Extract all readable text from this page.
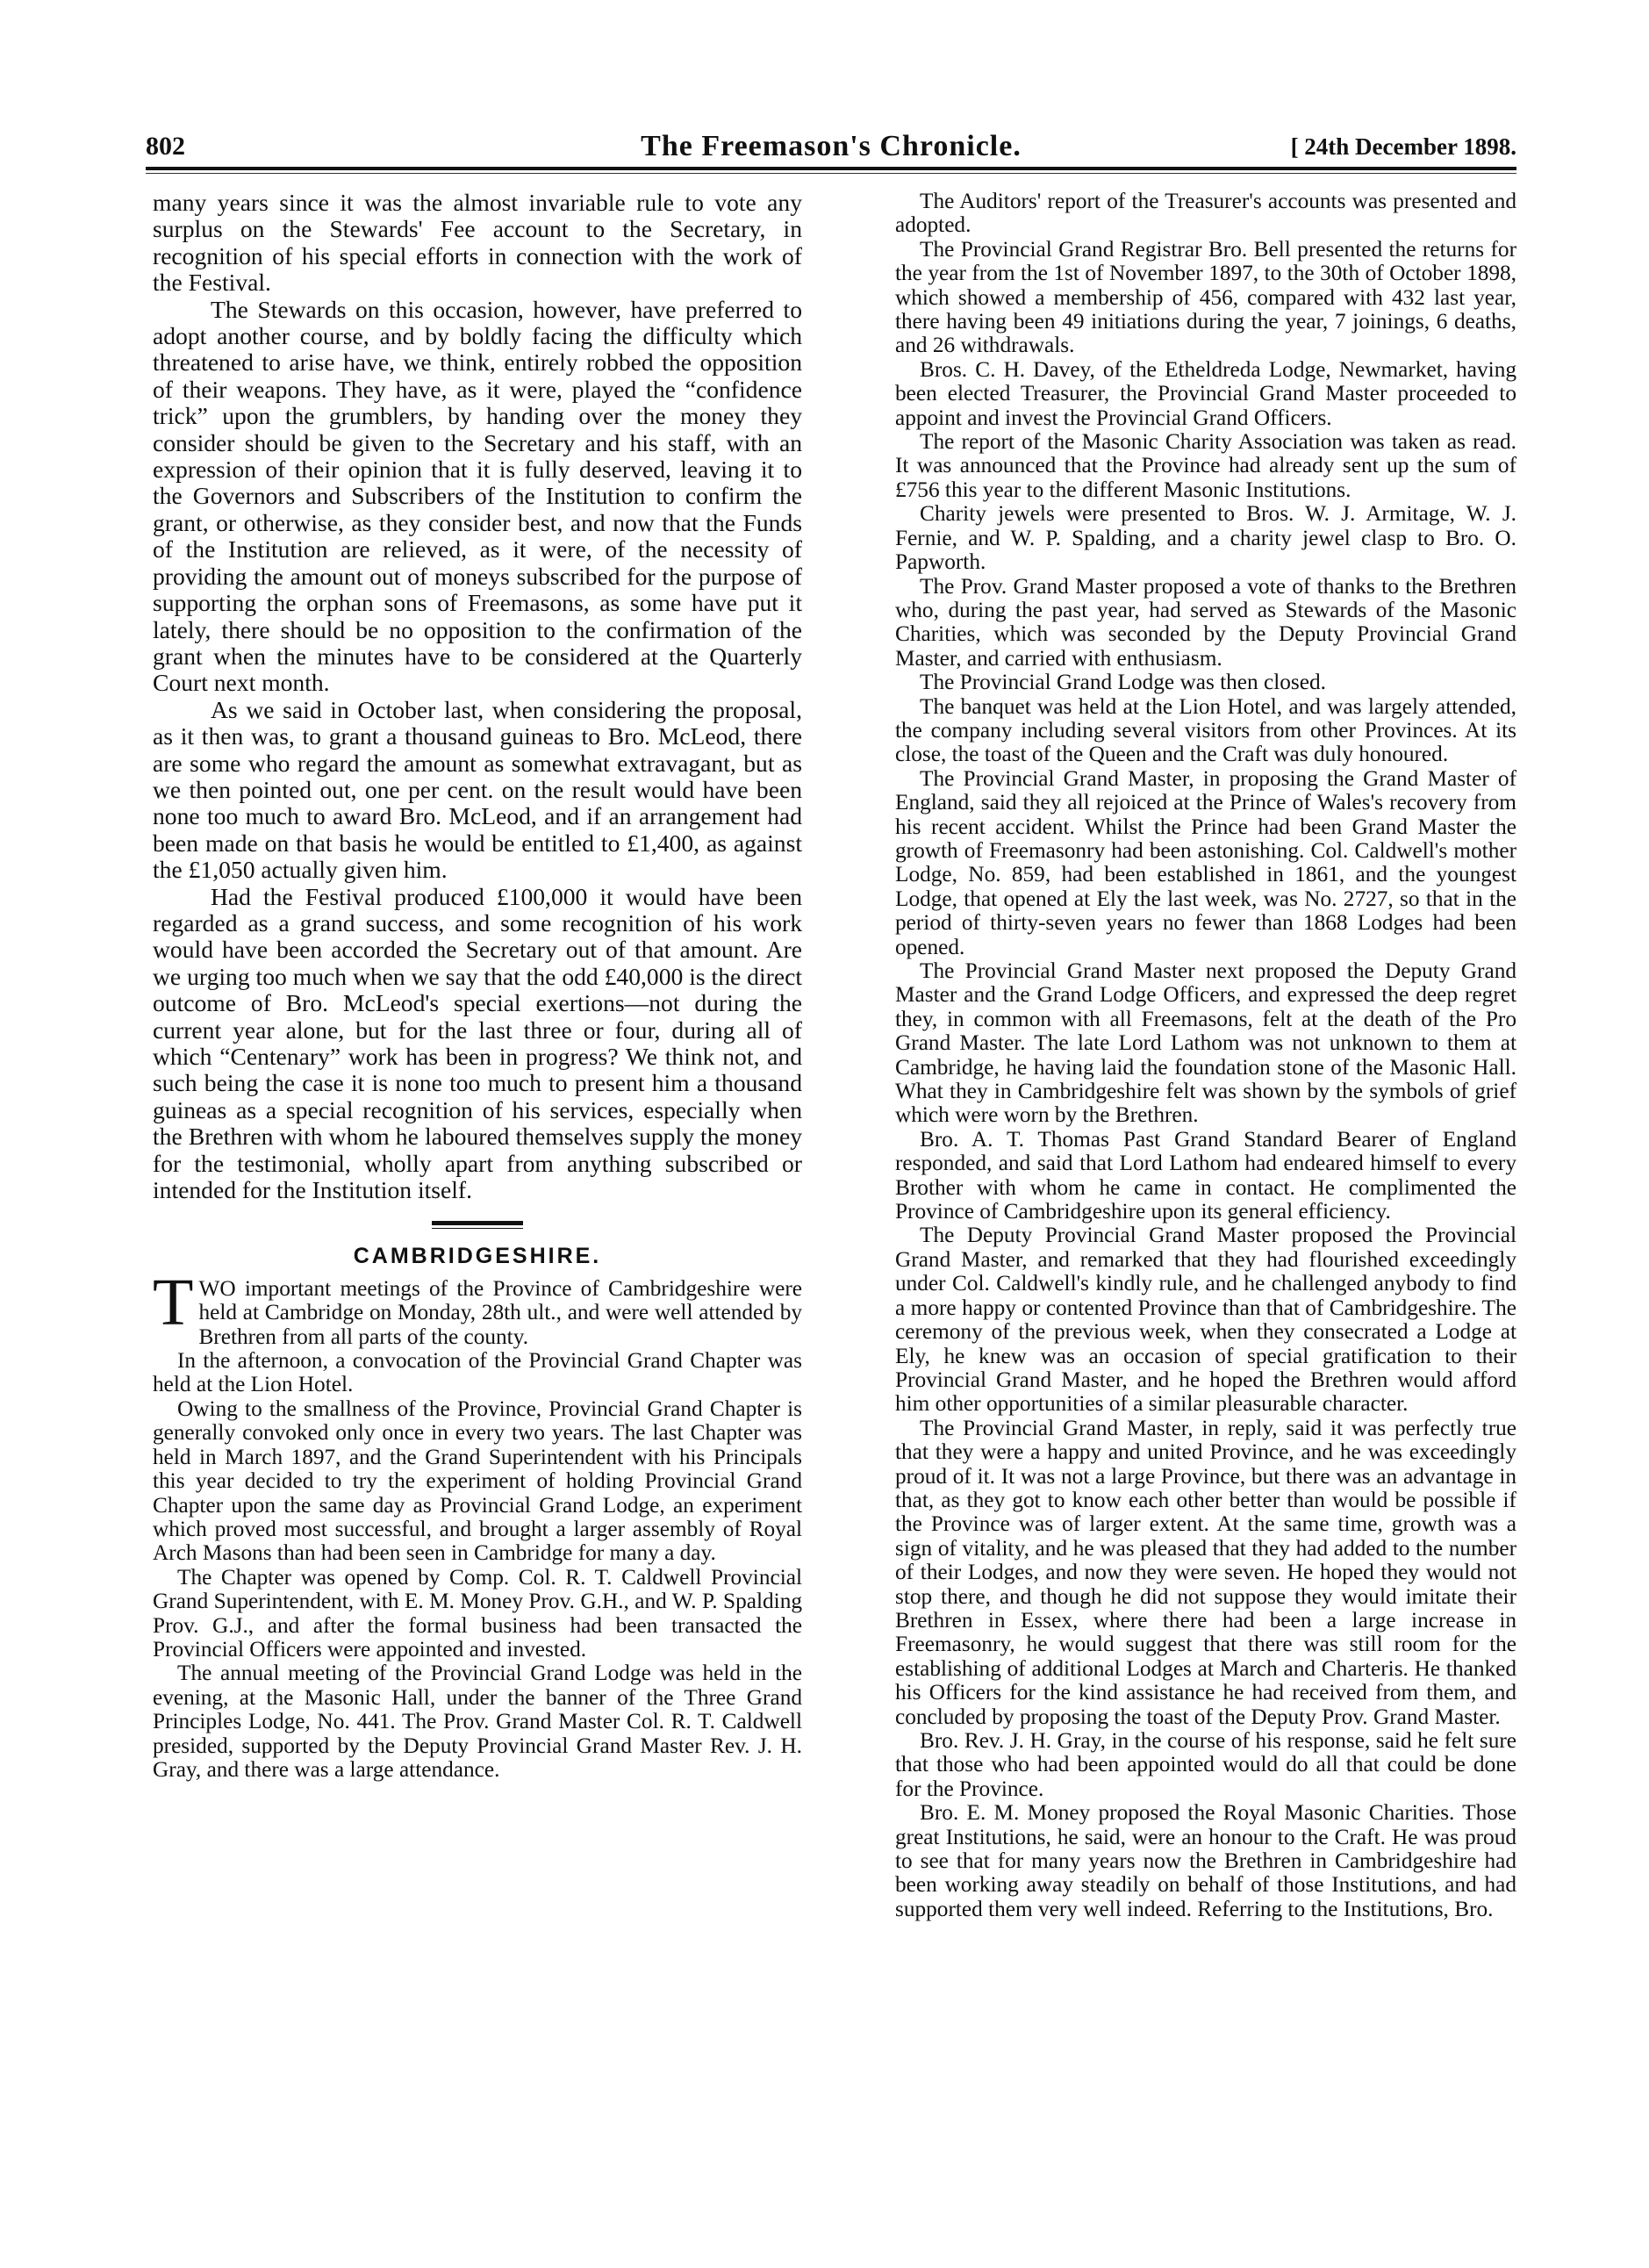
802	The Freemason's Chronicle.	[ 24th December 1898.

many years since it was the almost invariable rule to vote any surplus on the Stewards' Fee account to the Secretary, in recognition of his special efforts in connection with the work of the Festival.

The Stewards on this occasion, however, have preferred to adopt another course, and by boldly facing the difficulty which threatened to arise have, we think, entirely robbed the opposition of their weapons. They have, as it were, played the “confidence trick” upon the grumblers, by handing over the money they consider should be given to the Secretary and his staff, with an expression of their opinion that it is fully deserved, leaving it to the Governors and Subscribers of the Institution to confirm the grant, or otherwise, as they consider best, and now that the Funds of the Institution are relieved, as it were, of the necessity of providing the amount out of moneys subscribed for the purpose of supporting the orphan sons of Freemasons, as some have put it lately, there should be no opposition to the confirmation of the grant when the minutes have to be considered at the Quarterly Court next month.

As we said in October last, when considering the proposal, as it then was, to grant a thousand guineas to Bro. McLeod, there are some who regard the amount as somewhat extravagant, but as we then pointed out, one per cent. on the result would have been none too much to award Bro. McLeod, and if an arrangement had been made on that basis he would be entitled to £1,400, as against the £1,050 actually given him.

Had the Festival produced £100,000 it would have been regarded as a grand success, and some recognition of his work would have been accorded the Secretary out of that amount. Are we urging too much when we say that the odd £40,000 is the direct outcome of Bro. McLeod's special exertions—not during the current year alone, but for the last three or four, during all of which “Centenary” work has been in progress? We think not, and such being the case it is none too much to present him a thousand guineas as a special recognition of his services, especially when the Brethren with whom he laboured themselves supply the money for the testimonial, wholly apart from anything subscribed or intended for the Institution itself.

CAMBRIDGESHIRE.

TWO important meetings of the Province of Cambridgeshire were held at Cambridge on Monday, 28th ult., and were well attended by Brethren from all parts of the county.

In the afternoon, a convocation of the Provincial Grand Chapter was held at the Lion Hotel.

Owing to the smallness of the Province, Provincial Grand Chapter is generally convoked only once in every two years. The last Chapter was held in March 1897, and the Grand Superintendent with his Principals this year decided to try the experiment of holding Provincial Grand Chapter upon the same day as Provincial Grand Lodge, an experiment which proved most successful, and brought a larger assembly of Royal Arch Masons than had been seen in Cambridge for many a day.

The Chapter was opened by Comp. Col. R. T. Caldwell Provincial Grand Superintendent, with E. M. Money Prov. G.H., and W. P. Spalding Prov. G.J., and after the formal business had been transacted the Provincial Officers were appointed and invested.

The annual meeting of the Provincial Grand Lodge was held in the evening, at the Masonic Hall, under the banner of the Three Grand Principles Lodge, No. 441. The Prov. Grand Master Col. R. T. Caldwell presided, supported by the Deputy Provincial Grand Master Rev. J. H. Gray, and there was a large attendance.

The Auditors' report of the Treasurer's accounts was presented and adopted.

The Provincial Grand Registrar Bro. Bell presented the returns for the year from the 1st of November 1897, to the 30th of October 1898, which showed a membership of 456, compared with 432 last year, there having been 49 initiations during the year, 7 joinings, 6 deaths, and 26 withdrawals.

Bros. C. H. Davey, of the Etheldreda Lodge, Newmarket, having been elected Treasurer, the Provincial Grand Master proceeded to appoint and invest the Provincial Grand Officers.

The report of the Masonic Charity Association was taken as read. It was announced that the Province had already sent up the sum of £756 this year to the different Masonic Institutions.

Charity jewels were presented to Bros. W. J. Armitage, W. J. Fernie, and W. P. Spalding, and a charity jewel clasp to Bro. O. Papworth.

The Prov. Grand Master proposed a vote of thanks to the Brethren who, during the past year, had served as Stewards of the Masonic Charities, which was seconded by the Deputy Provincial Grand Master, and carried with enthusiasm.

The Provincial Grand Lodge was then closed.

The banquet was held at the Lion Hotel, and was largely attended, the company including several visitors from other Provinces. At its close, the toast of the Queen and the Craft was duly honoured.

The Provincial Grand Master, in proposing the Grand Master of England, said they all rejoiced at the Prince of Wales's recovery from his recent accident. Whilst the Prince had been Grand Master the growth of Freemasonry had been astonishing. Col. Caldwell's mother Lodge, No. 859, had been established in 1861, and the youngest Lodge, that opened at Ely the last week, was No. 2727, so that in the period of thirty-seven years no fewer than 1868 Lodges had been opened.

The Provincial Grand Master next proposed the Deputy Grand Master and the Grand Lodge Officers, and expressed the deep regret they, in common with all Freemasons, felt at the death of the Pro Grand Master. The late Lord Lathom was not unknown to them at Cambridge, he having laid the foundation stone of the Masonic Hall. What they in Cambridgeshire felt was shown by the symbols of grief which were worn by the Brethren.

Bro. A. T. Thomas Past Grand Standard Bearer of England responded, and said that Lord Lathom had endeared himself to every Brother with whom he came in contact. He complimented the Province of Cambridgeshire upon its general efficiency.

The Deputy Provincial Grand Master proposed the Provincial Grand Master, and remarked that they had flourished exceedingly under Col. Caldwell's kindly rule, and he challenged anybody to find a more happy or contented Province than that of Cambridgeshire. The ceremony of the previous week, when they consecrated a Lodge at Ely, he knew was an occasion of special gratification to their Provincial Grand Master, and he hoped the Brethren would afford him other opportunities of a similar pleasurable character.

The Provincial Grand Master, in reply, said it was perfectly true that they were a happy and united Province, and he was exceedingly proud of it. It was not a large Province, but there was an advantage in that, as they got to know each other better than would be possible if the Province was of larger extent. At the same time, growth was a sign of vitality, and he was pleased that they had added to the number of their Lodges, and now they were seven. He hoped they would not stop there, and though he did not suppose they would imitate their Brethren in Essex, where there had been a large increase in Freemasonry, he would suggest that there was still room for the establishing of additional Lodges at March and Charteris. He thanked his Officers for the kind assistance he had received from them, and concluded by proposing the toast of the Deputy Prov. Grand Master.

Bro. Rev. J. H. Gray, in the course of his response, said he felt sure that those who had been appointed would do all that could be done for the Province.

Bro. E. M. Money proposed the Royal Masonic Charities. Those great Institutions, he said, were an honour to the Craft. He was proud to see that for many years now the Brethren in Cambridgeshire had been working away steadily on behalf of those Institutions, and had supported them very well indeed. Referring to the Institutions, Bro.
